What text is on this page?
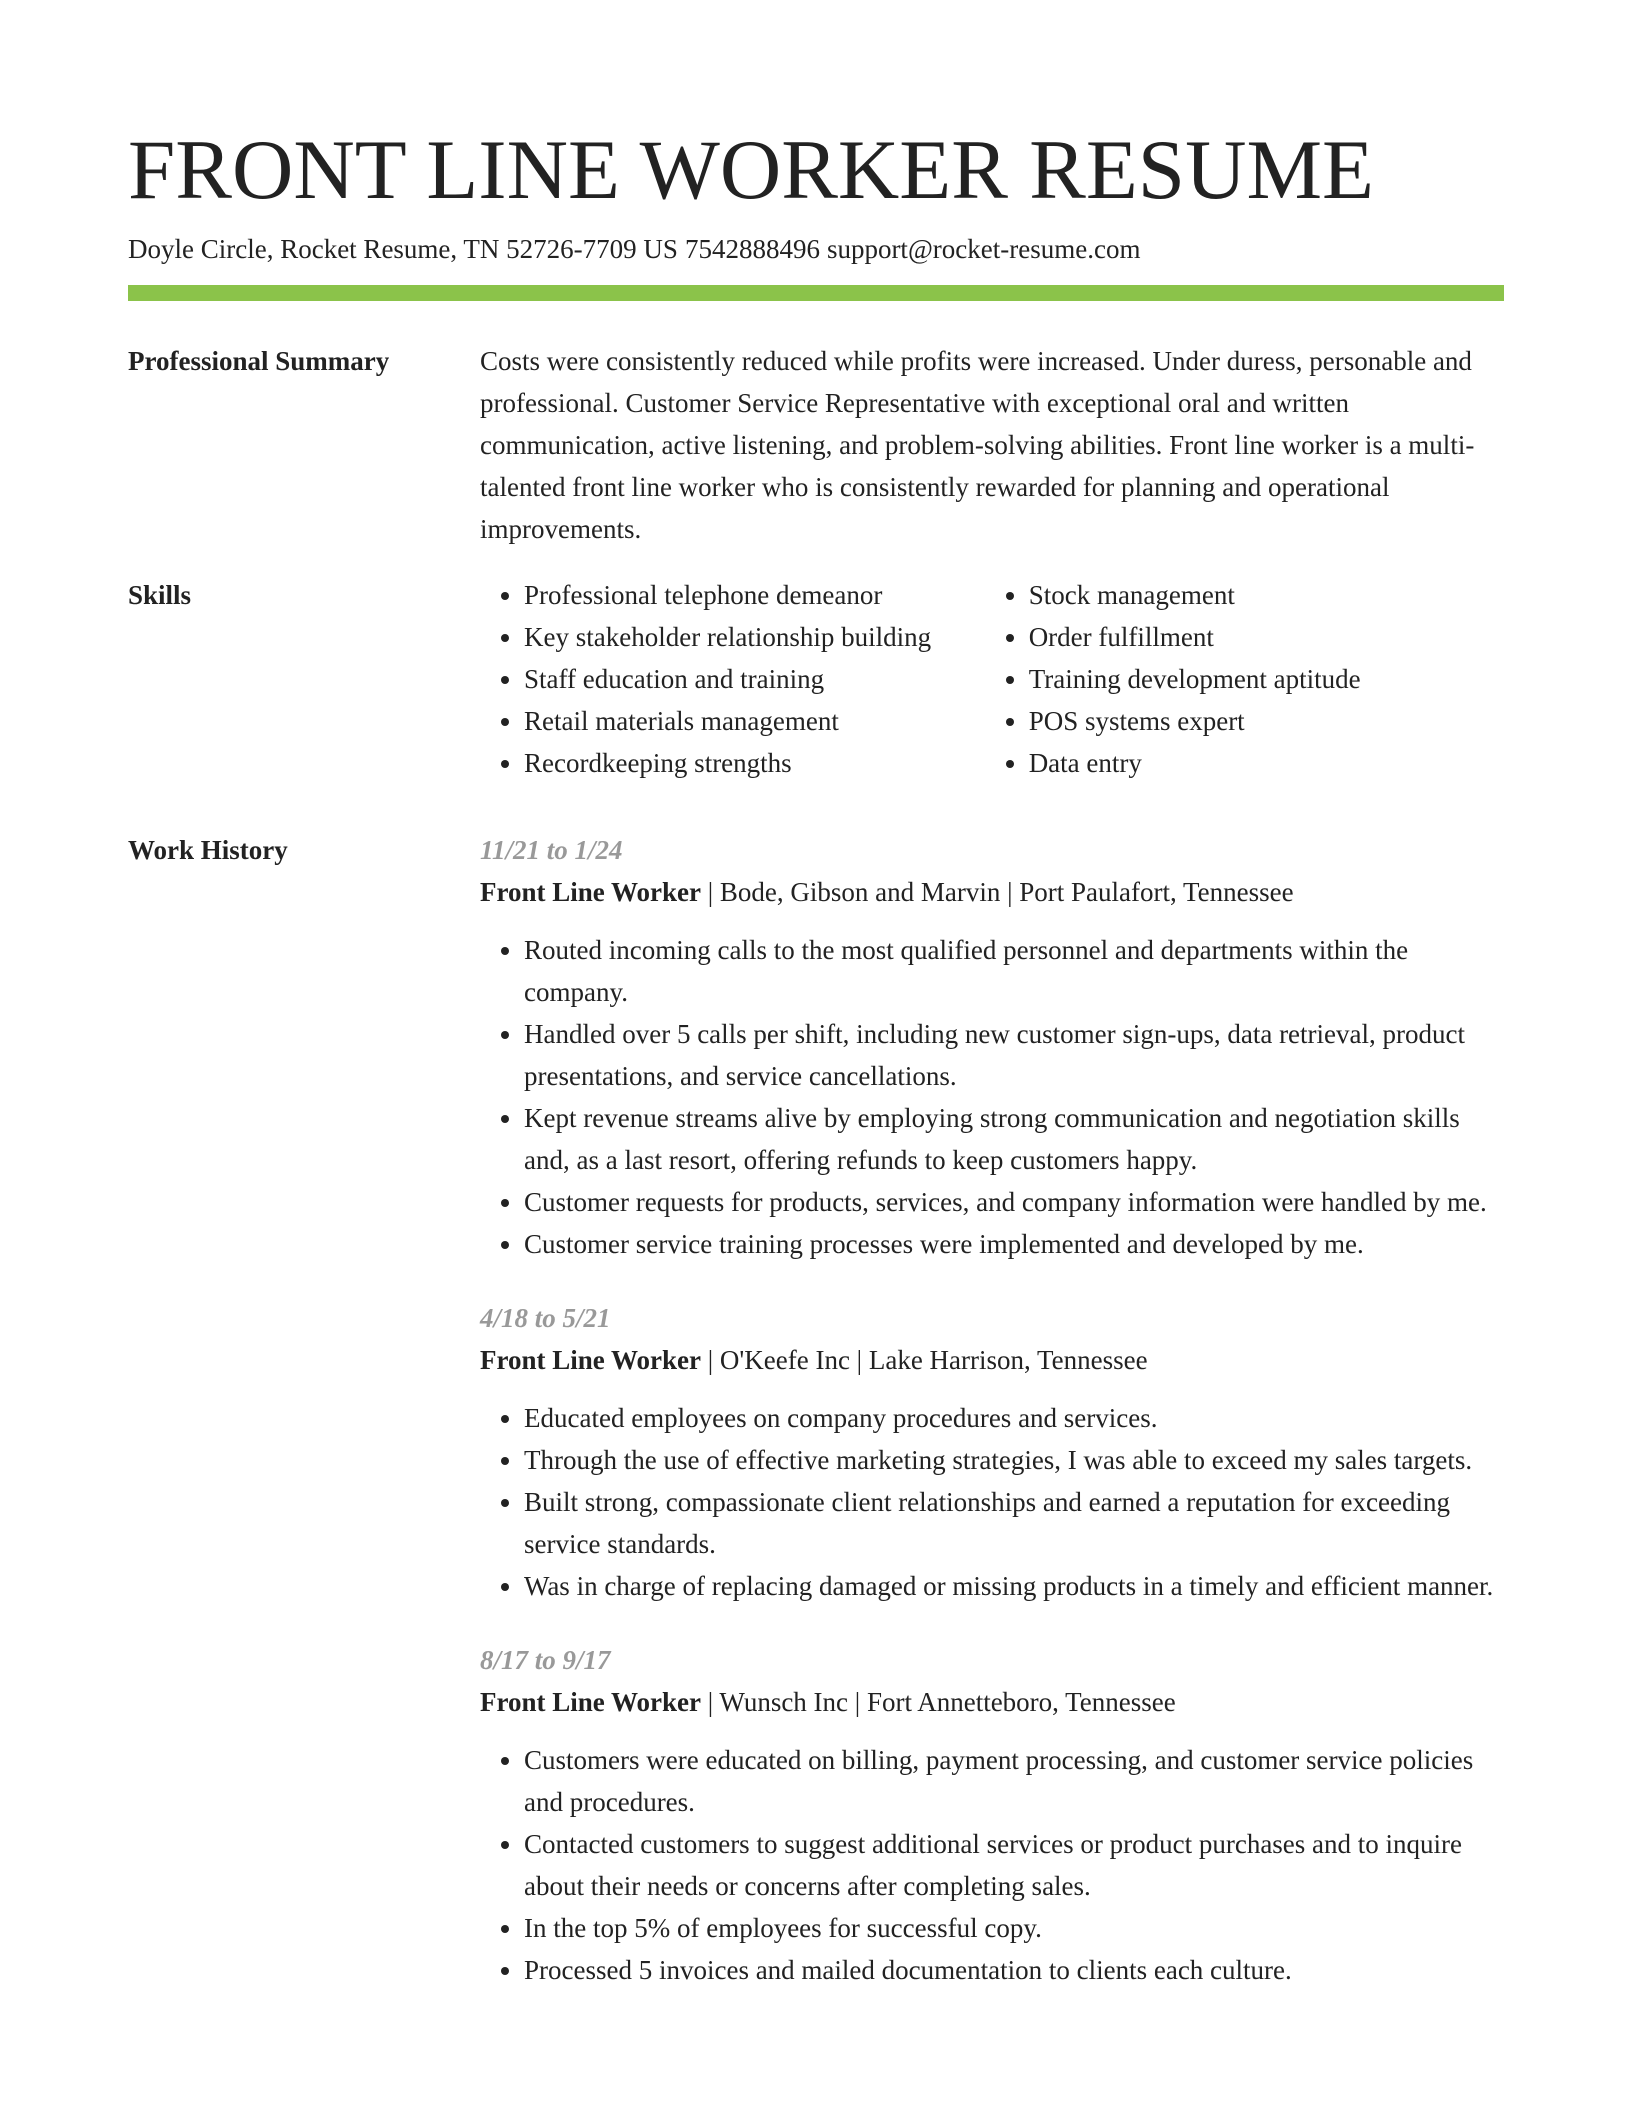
FRONT LINE WORKER RESUME
Doyle Circle, Rocket Resume, TN 52726-7709 US 7542888496 support@rocket-resume.com
Professional Summary	Costs were consistently reduced while profits were increased. Under duress, personable and professional. Customer Service Representative with exceptional oral and written communication, active listening, and problem-solving abilities. Front line worker is a multi-talented front line worker who is consistently rewarded for planning and operational improvements.

Skills
•	Professional telephone demeanor
• Key stakeholder relationship building
• Staff education and training
• Retail materials management
• Recordkeeping strengths
• Stock management
• Order fulfillment
• Training development aptitude
• POS systems expert
• Data entry
Work History	11/21 to 1/24
Front Line Worker | Bode, Gibson and Marvin | Port Paulafort, Tennessee
• Routed incoming calls to the most qualified personnel and departments within the company.
• Handled over 5 calls per shift, including new customer sign-ups, data retrieval, product presentations, and service cancellations.
• Kept revenue streams alive by employing strong communication and negotiation skills and, as a last resort, offering refunds to keep customers happy.
• Customer requests for products, services, and company information were handled by me.
• Customer service training processes were implemented and developed by me.
4/18 to 5/21
Front Line Worker | O'Keefe Inc | Lake Harrison, Tennessee
• Educated employees on company procedures and services.
• Through the use of effective marketing strategies, I was able to exceed my sales targets.
• Built strong, compassionate client relationships and earned a reputation for exceeding service standards.
• Was in charge of replacing damaged or missing products in a timely and efficient manner.
8/17 to 9/17
Front Line Worker | Wunsch Inc | Fort Annetteboro, Tennessee
• Customers were educated on billing, payment processing, and customer service policies and procedures.
• Contacted customers to suggest additional services or product purchases and to inquire about their needs or concerns after completing sales.
• In the top 5% of employees for successful copy.
• Processed 5 invoices and mailed documentation to clients each culture.
